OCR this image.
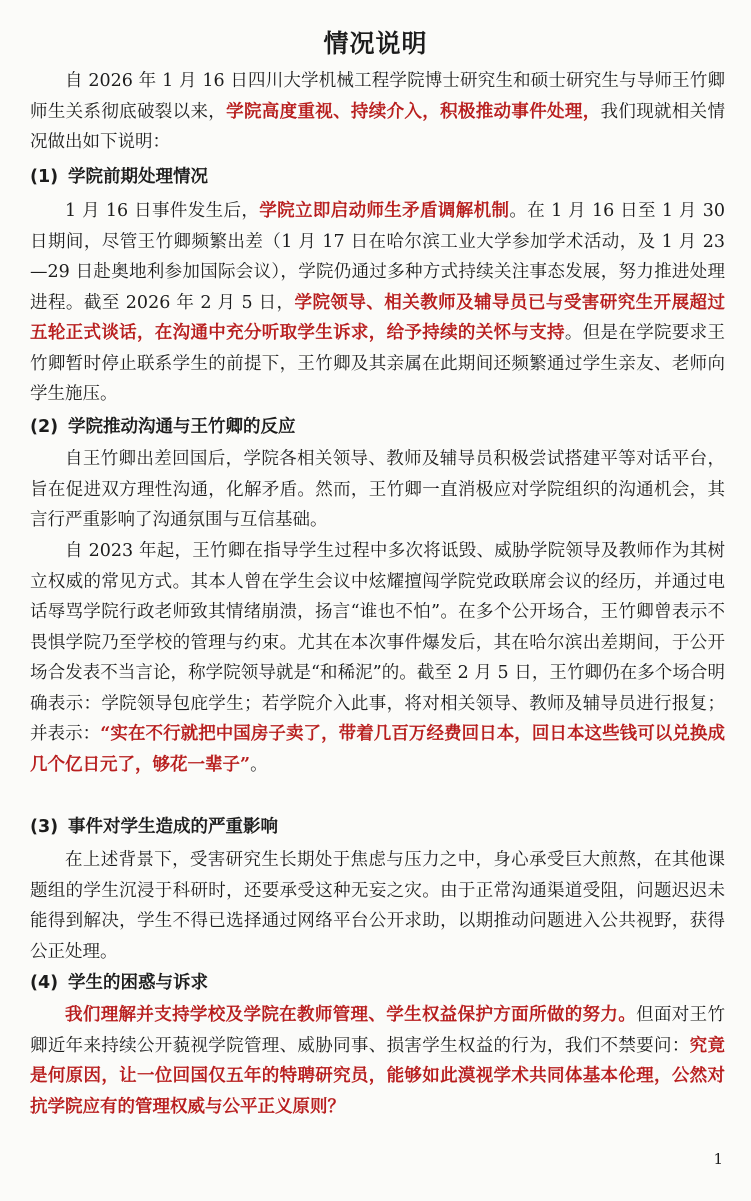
情况说明

自 2026 年 1 月 16 日四川大学机械工程学院博士研究生和硕士研究生与导师王竹卿师生关系彻底破裂以来，学院高度重视、持续介入，积极推动事件处理，我们现就相关情况做出如下说明：

(1) 学院前期处理情况

1 月 16 日事件发生后，学院立即启动师生矛盾调解机制。在 1 月 16 日至 1 月 30 日期间，尽管王竹卿频繁出差（1 月 17 日在哈尔滨工业大学参加学术活动，及 1 月 23—29 日赴奥地利参加国际会议），学院仍通过多种方式持续关注事态发展，努力推进处理进程。截至 2026 年 2 月 5 日，学院领导、相关教师及辅导员已与受害研究生开展超过五轮正式谈话，在沟通中充分听取学生诉求，给予持续的关怀与支持。但是在学院要求王竹卿暂时停止联系学生的前提下，王竹卿及其亲属在此期间还频繁通过学生亲友、老师向学生施压。

(2) 学院推动沟通与王竹卿的反应

自王竹卿出差回国后，学院各相关领导、教师及辅导员积极尝试搭建平等对话平台，旨在促进双方理性沟通，化解矛盾。然而，王竹卿一直消极应对学院组织的沟通机会，其言行严重影响了沟通氛围与互信基础。

自 2023 年起，王竹卿在指导学生过程中多次将诋毁、威胁学院领导及教师作为其树立权威的常见方式。其本人曾在学生会议中炫耀擅闯学院党政联席会议的经历，并通过电话辱骂学院行政老师致其情绪崩溃，扬言“谁也不怕”。在多个公开场合，王竹卿曾表示不畏惧学院乃至学校的管理与约束。尤其在本次事件爆发后，其在哈尔滨出差期间，于公开场合发表不当言论，称学院领导就是“和稀泥”的。截至 2 月 5 日，王竹卿仍在多个场合明确表示：学院领导包庇学生；若学院介入此事，将对相关领导、教师及辅导员进行报复；并表示：“实在不行就把中国房子卖了，带着几百万经费回日本，回日本这些钱可以兑换成几个亿日元了，够花一辈子”。

(3) 事件对学生造成的严重影响

在上述背景下，受害研究生长期处于焦虑与压力之中，身心承受巨大煎熬，在其他课题组的学生沉浸于科研时，还要承受这种无妄之灾。由于正常沟通渠道受阻，问题迟迟未能得到解决，学生不得已选择通过网络平台公开求助，以期推动问题进入公共视野，获得公正处理。

(4) 学生的困惑与诉求

我们理解并支持学校及学院在教师管理、学生权益保护方面所做的努力。但面对王竹卿近年来持续公开藐视学院管理、威胁同事、损害学生权益的行为，我们不禁要问：究竟是何原因，让一位回国仅五年的特聘研究员，能够如此漠视学术共同体基本伦理，公然对抗学院应有的管理权威与公平正义原则？

1
